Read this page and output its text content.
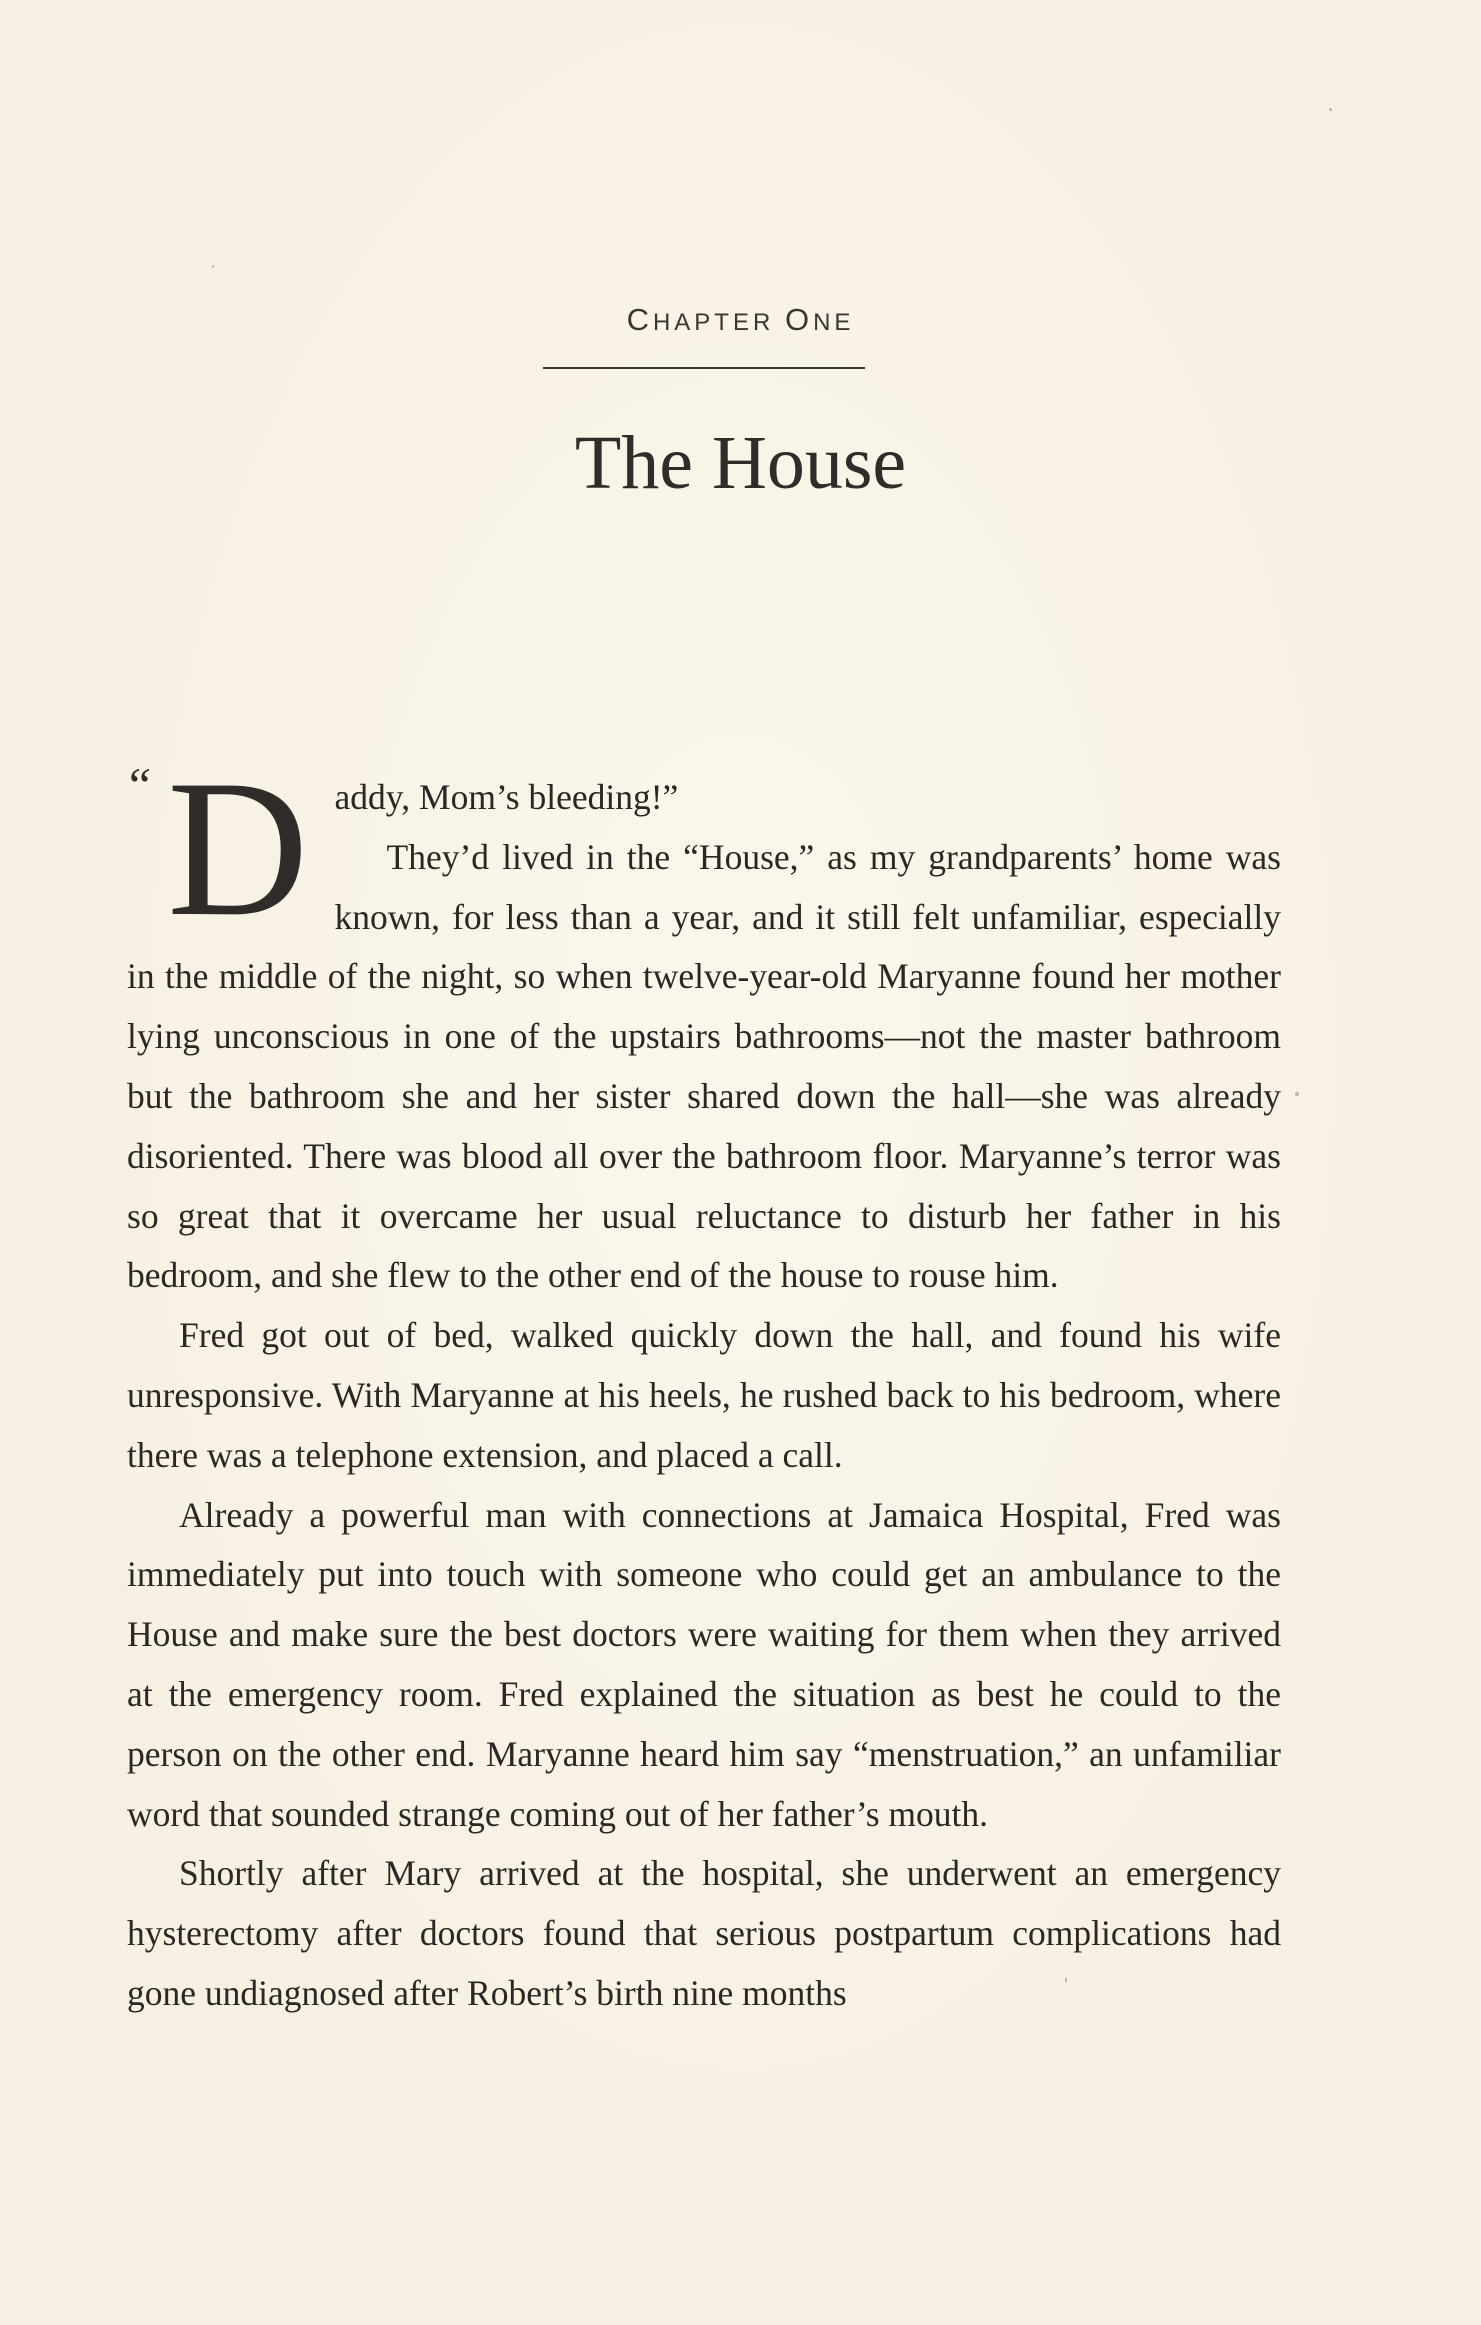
CHAPTER ONE
The House
“ Daddy, Mom’s bleeding!”

They’d lived in the “House,” as my grandparents’ home was known, for less than a year, and it still felt unfamiliar, especially in the middle of the night, so when twelve-year-old Maryanne found her mother lying unconscious in one of the upstairs bathrooms—not the master bathroom but the bathroom she and her sister shared down the hall—she was already disoriented. There was blood all over the bathroom floor. Maryanne’s terror was so great that it overcame her usual reluctance to disturb her father in his bedroom, and she flew to the other end of the house to rouse him.

Fred got out of bed, walked quickly down the hall, and found his wife unresponsive. With Maryanne at his heels, he rushed back to his bedroom, where there was a telephone extension, and placed a call.

Already a powerful man with connections at Jamaica Hospital, Fred was immediately put into touch with someone who could get an ambulance to the House and make sure the best doctors were waiting for them when they arrived at the emergency room. Fred explained the situation as best he could to the person on the other end. Maryanne heard him say “menstruation,” an unfamiliar word that sounded strange coming out of her father’s mouth.

Shortly after Mary arrived at the hospital, she underwent an emergency hysterectomy after doctors found that serious postpartum complications had gone undiagnosed after Robert’s birth nine months
